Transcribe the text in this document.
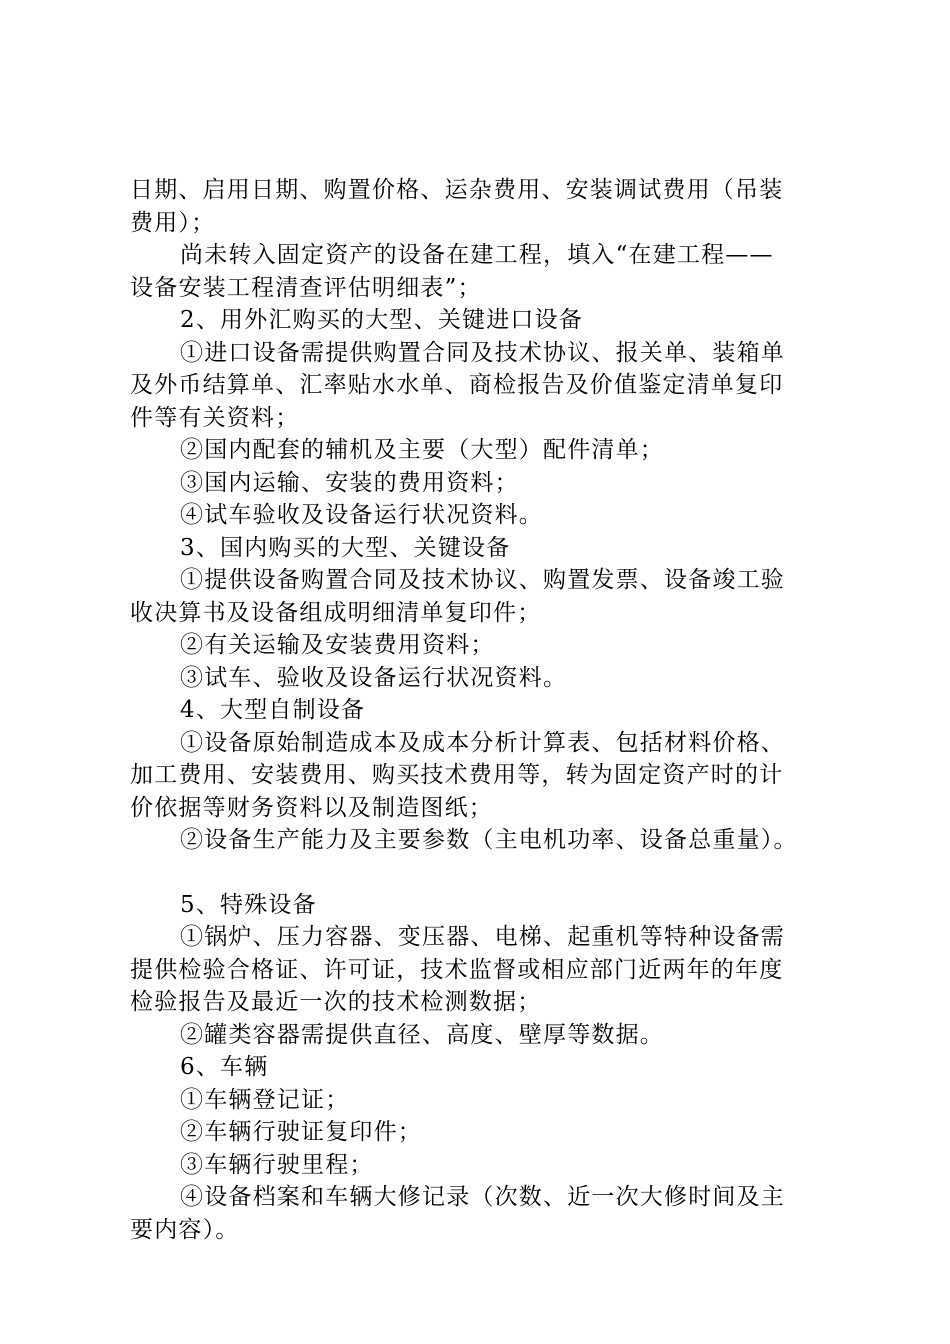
日期、启用日期、购置价格、运杂费用、安装调试费用（吊装

费用）；

尚未转入固定资产的设备在建工程，填入“在建工程——

设备安装工程清查评估明细表”；

2、用外汇购买的大型、关键进口设备

①进口设备需提供购置合同及技术协议、报关单、装箱单

及外币结算单、汇率贴水水单、商检报告及价值鉴定清单复印

件等有关资料；

②国内配套的辅机及主要（大型）配件清单；

③国内运输、安装的费用资料；

④试车验收及设备运行状况资料。

3、国内购买的大型、关键设备

①提供设备购置合同及技术协议、购置发票、设备竣工验

收决算书及设备组成明细清单复印件；

②有关运输及安装费用资料；

③试车、验收及设备运行状况资料。

4、大型自制设备

①设备原始制造成本及成本分析计算表、包括材料价格、

加工费用、安装费用、购买技术费用等，转为固定资产时的计

价依据等财务资料以及制造图纸；

②设备生产能力及主要参数（主电机功率、设备总重量）。

5、特殊设备

①锅炉、压力容器、变压器、电梯、起重机等特种设备需

提供检验合格证、许可证，技术监督或相应部门近两年的年度

检验报告及最近一次的技术检测数据；

②罐类容器需提供直径、高度、壁厚等数据。

6、车辆

①车辆登记证；

②车辆行驶证复印件；

③车辆行驶里程；

④设备档案和车辆大修记录（次数、近一次大修时间及主

要内容）。
